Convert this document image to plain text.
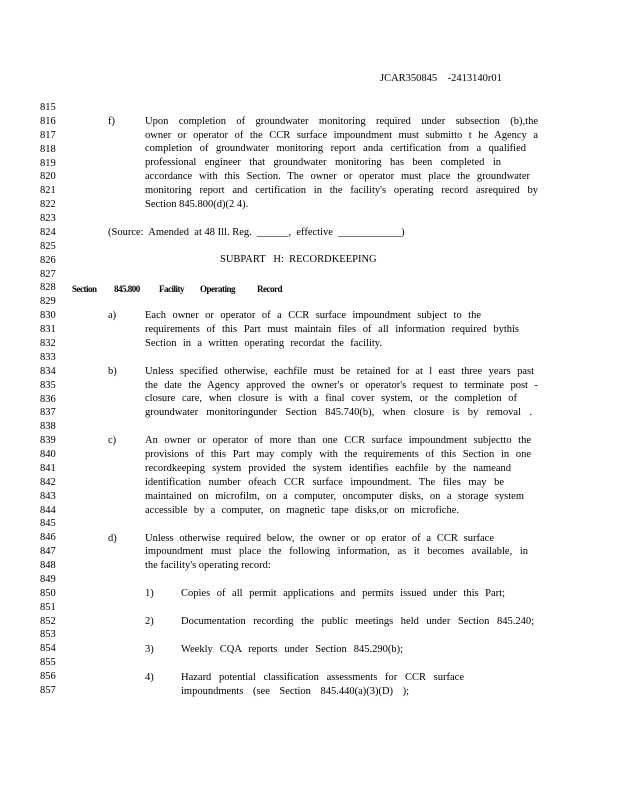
JCAR350845    -2413140r01
815
816
817
818
819
820
821
822
823
824
825
826
827
828
829
830
831
832
833
834
835
836
837
838
839
840
841
842
843
844
845
846
847
848
849
850
851
852
853
854
855
856
857
f)	Upon completion of groundwater monitoring required under subsection (b),the
owner or operator of the CCR surface impoundment must submitto t he Agency a
completion of groundwater monitoring report anda certification from a qualified
professional engineer that groundwater monitoring has been completed in
accordance with this Section. The owner or operator must place the groundwater
monitoring report and certification in the facility's operating record asrequired by
Section 845.800(d)(2 4).
(Source:  Amended  at 48 Ill. Reg.  ______,  effective  ____________)
SUBPART   H:  RECORDKEEPING
Section 845.800 Facility Operating Record
a)	Each owner or operator of a CCR surface impoundment subject to the
requirements of this Part must maintain files of all information required bythis
Section in a written operating recordat the facility.
b)	Unless specified otherwise, eachfile must be retained for at l east three years past
the date the Agency approved the owner's or operator's request to terminate post -
closure care, when closure is with a final cover system, or the completion of
groundwater monitoringunder Section 845.740(b), when closure is by removal .
c)	An owner or operator of more than one CCR surface impoundment subjectto the
provisions of this Part may comply with the requirements of this Section in one
recordkeeping system provided the system identifies eachfile by the nameand
identification number ofeach CCR surface impoundment. The files may be
maintained on microfilm, on a computer, oncomputer disks, on a storage system
accessible by a computer, on magnetic tape disks,or on microfiche.
d)	Unless otherwise required below, the owner or op erator of a CCR surface
impoundment must place the following information, as it becomes available, in
the facility's operating record:
1)	Copies of all permit applications and permits issued under this Part;
2)	Documentation recording the public meetings held under Section 845.240;
3)	Weekly CQA reports under Section 845.290(b);
4)	Hazard potential classification assessments for CCR surface
impoundments (see Section 845.440(a)(3)(D) );
